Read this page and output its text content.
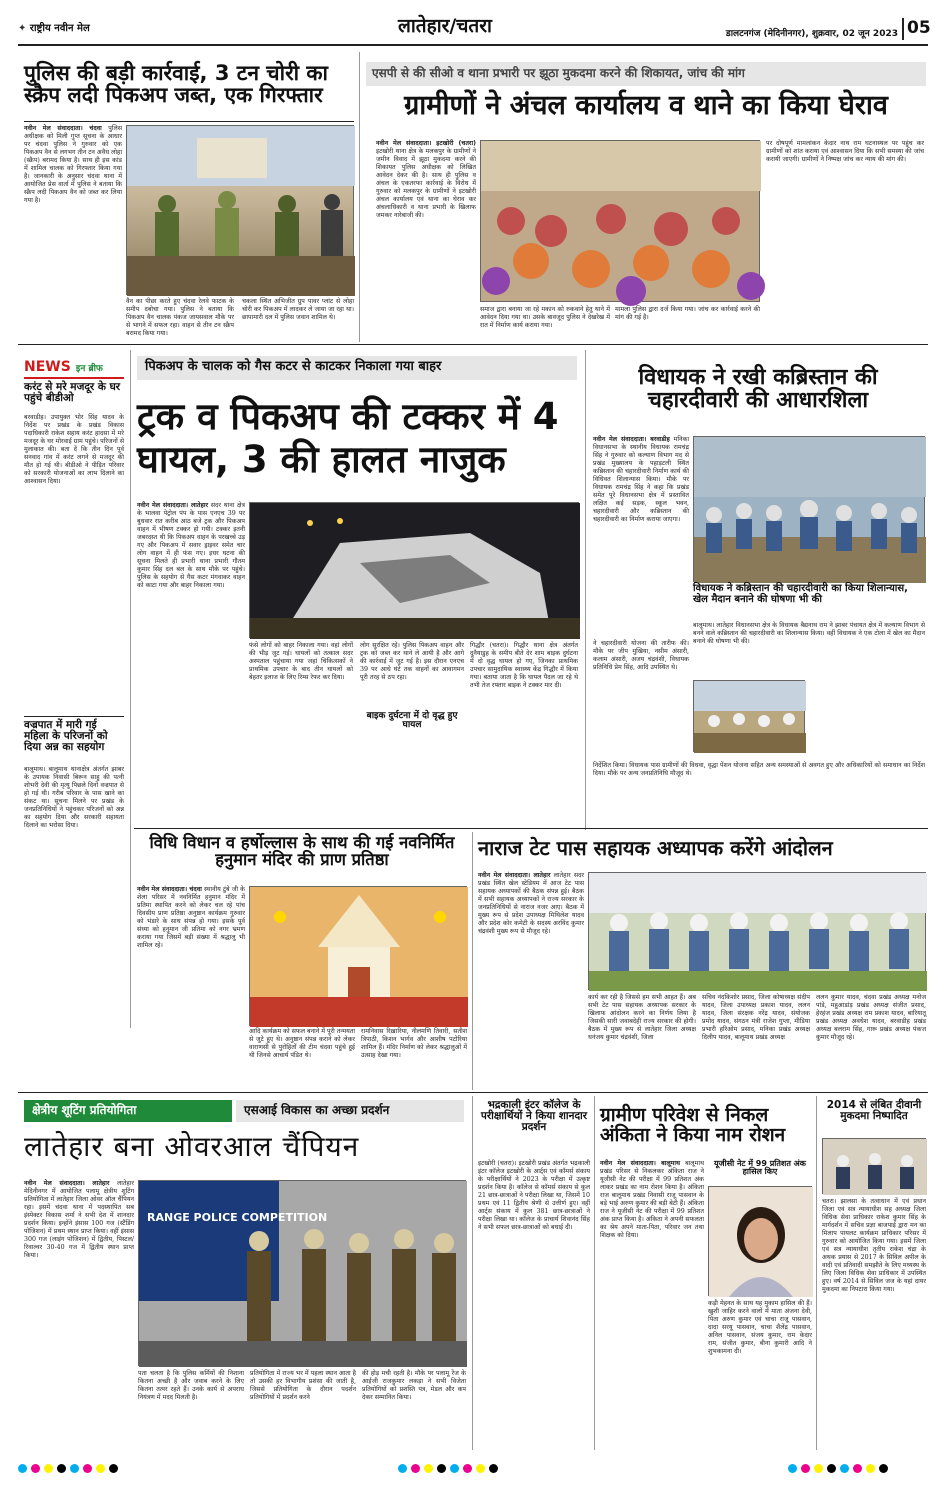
✦ राष्ट्रीय नवीन मेल	लातेहार/चतरा	डालटनगंज (मेदिनीनगर), शुक्रवार, 02 जून 2023 05
पुलिस की बड़ी कार्रवाई, 3 टन चोरी का स्क्रैप लदी पिकअप जब्त, एक गिरफ्तार
नवीन मेल संवाददाता। चंदवा पुलिस अधीक्षक को मिली गुप्त सूचना के आधार पर चंदवा पुलिस ने गुरुवार को एक पिकअप वैन से लगभग तीन टन अवैध लोहा (स्क्रैप) बरामद किया है। साथ ही इस कांड में शामिल चालक को गिरफ्तार किया गया है। जानकारी के अनुसार चंदवा थाना में आयोजित प्रेस वार्ता में पुलिस ने बताया कि स्क्रैप लदी पिकअप वैन को जब्त कर लिया गया है।
वैन का पीछा करते हुए चंदवा रेलवे फाटक के समीप दबोचा गया। पुलिस ने बताया कि पिकअप वैन चालक पंकज जायसवाल मौके पर से भागने में सफल रहा। वाहन से तीन टन स्क्रैप बरामद किया गया।
चकला स्थित अभिजीत ग्रुप पावर प्लांट से लोहा चोरी कर पिकअप में लादकर ले जाया जा रहा था। छापामारी दल में पुलिस जवान शामिल थे।
एसपी से की सीओ व थाना प्रभारी पर झूठा मुकदमा करने की शिकायत, जांच की मांग
ग्रामीणों ने अंचल कार्यालय व थाने का किया घेराव
नवीन मेल संवाददाता। इटखोरी (चतरा) इटखोरी थाना क्षेत्र के मलकपुर के ग्रामीणों ने जमीन विवाद में झूठा मुकदमा करने की शिकायत पुलिस अधीक्षक को लिखित आवेदन देकर की है। साथ ही पुलिस व अंचल के एकतरफा कार्रवाई के विरोध में गुरुवार को मलकपुर के ग्रामीणों ने इटखोरी अंचल कार्यालय एवं थाना का घेराव कर अंचलाधिकारी व थाना प्रभारी के खिलाफ जमकर नारेबाजी की।
समाज द्वारा बनाया जा रहे मकान को रुकवाने हेतु थाने में आवेदन दिया गया था। उसके बावजूद पुलिस ने देखरेख में रात में निर्माण कार्य कराया गया।
मामला पुलिस द्वारा दर्ज किया गया। जांच कर कार्रवाई करने की मांग की गई है।
पर दोषपूर्ण मामलांकन केदार नाथ राम घटनास्थल पर पहुंच कर ग्रामीणों को शांत कराया एवं आश्वासन दिया कि सभी समस्या की जांच करायी जाएगी। ग्रामीणों ने निष्पक्ष जांच कर न्याय की मांग की।
NEWS इन ब्रीफ
करंट से मरे मजदूर के घर पहुंचे बीडीओ
बरवाडीह। उपायुक्त भोर सिंह यादव के निर्देश पर प्रखंड के प्रखंड विकास पदाधिकारी राकेश सहाय करंट हादसा में मरे मजदूर के घर मोरवाई ग्राम पहुंचे। परिजनों से मुलाकात की। बता दें कि तीन दिन पूर्व सनवाद गांव में करंट लगने से मजदूर की मौत हो गई थी। बीडीओ ने पीड़ित परिवार को सरकारी योजनाओं का लाभ दिलाने का आश्वासन दिया।
वज्रपात में मारी गई महिला के परिजनों को दिया अन्न का सहयोग
बालूमाथ। बालूमाथ थानाक्षेत्र अंतर्गत झाबर के उपायक निवासी बिरून साहु की पत्नी शोभरी देवी की मृत्यु पिछले दिनों वज्रपात से हो गई थी। गरीब परिवार के पास खाने का संकट था। सूचना मिलने पर प्रखंड के जनप्रतिनिधियों ने पहुंचकर परिजनों को अन्न का सहयोग दिया और सरकारी सहायता दिलाने का भरोसा दिया।
पिकअप के चालक को गैस कटर से काटकर निकाला गया बाहर
ट्रक व पिकअप की टक्कर में 4 घायल, 3 की हालत नाजुक
नवीन मेल संवाददाता। लातेहार सदर थाना क्षेत्र के भालवा पेट्रोल पंप के पास एनएच 39 पर बुधवार रात करीब आठ बजे ट्रक और पिकअप वाहन में भीषण टक्कर हो गयी। टक्कर इतनी जबरदस्त थी कि पिकअप वाहन के परखच्चे उड़ गए और पिकअप में सवार ड्राइवर समेत चार लोग वाहन में ही फंस गए। इधर घटना की सूचना मिलते ही प्रभारी थाना प्रभारी गौतम कुमार सिंह दल बल के साथ मौके पर पहुंचे। पुलिस के सहयोग से गैस कटर मंगवाकर वाहन को काटा गया और बाहर निकाला गया।
फंसे लोगों को बाहर निकाला गया। वहां लोगों की भीड़ जुट गई। घायलों को तत्काल सदर अस्पताल पहुंचाया गया जहां चिकित्सकों ने प्राथमिक उपचार के बाद तीन घायलों को बेहतर इलाज के लिए रिम्स रेफर कर दिया।
लोग सुरक्षित रहे। पुलिस पिकअप वाहन और ट्रक को जब्त कर थाने ले आयी है और आगे की कार्रवाई में जुट गई है। इस दौरान एनएच 39 पर आधे घंटे तक वाहनों का आवागमन पूरी तरह से ठप रहा।
बाइक दुर्घटना में दो वृद्ध हुए घायल
गिद्धौर (चतरा)। गिद्धौर थाना क्षेत्र अंतर्गत दुनैयाडुह के समीप बीते देर शाम बाइक दुर्घटना में दो वृद्ध घायल हो गए, जिनका प्राथमिक उपचार सामुदायिक स्वास्थ्य केंद्र गिद्धौर में किया गया। बताया जाता है कि घायल पैदल जा रहे थे तभी तेज रफ्तार बाइक ने टक्कर मार दी।
विधायक ने रखी कब्रिस्तान की चहारदीवारी की आधारशिला
नवीन मेल संवाददाता। बरवाडीह मनिका विधानसभा के स्थानीय विधायक रामचंद्र सिंह ने गुरुवार को कल्याण विभाग मद से प्रखंड मुख्यालय के पहाड़टली स्थित कब्रिस्तान की चहारदीवारी निर्माण कार्य की विधिवत शिलान्यास किया। मौके पर विधायक रामचंद्र सिंह ने कहा कि प्रखंड समेत पूरे विधानसभा क्षेत्र में प्रस्तावित लक्षित कई सड़क, स्कूल भवन, चहारदीवारी और कब्रिस्तान की चहारदीवारी का निर्माण कराया जाएगा।
विधायक ने कब्रिस्तान की चहारदीवारी का किया शिलान्यास, खेल मैदान बनाने की घोषणा भी की
ने चहारदीवारी योजना की तारीफ की। मौके पर जीप मुखिया, नसीम अंसारी, कलाम अंसारी, अजय चंद्रवंशी, विधायक प्रतिनिधि प्रेम सिंह, आदि उपस्थित थे।
बालूमाथ। लातेहार विधानसभा क्षेत्र के विधायक बैद्यनाथ राम ने झाबर पंचायत क्षेत्र में कल्याण विभाग से बनने वाले कब्रिस्तान की चहारदीवारी का शिलान्यास किया। वहीं विधायक ने एक टोला में खेल का मैदान बनाने की घोषणा भी की।
निर्देशित किया। विधायक पास ग्रामीणों की विधवा, वृद्धा पेंशन योजना सहित अन्य समस्याओं से अवगत हुए और अधिकारियों को समाधान का निर्देश दिया। मौके पर अन्य जनप्रतिनिधि मौजूद थे।
विधि विधान व हर्षोल्लास के साथ की गई नवनिर्मित हनुमान मंदिर की प्राण प्रतिष्ठा
नवीन मेल संवाददाता। चंदवा स्थानीय टुंबे जी के शेला परिसर में नवनिर्मित हनुमान मंदिर में प्रतिमा स्थापित करने को लेकर चल रहे पांच दिवसीय प्राण प्रतिष्ठा अनुष्ठान कार्यक्रम गुरुवार को भंडारे के साथ संपन्न हो गया। इसके पूर्व संध्या को हनुमान जी प्रतिमा को नगर भ्रमण कराया गया जिसमें बड़ी संख्या में श्रद्धालु भी शामिल रहे।
आदि कार्यक्रम को सफल बनाने में पूरी तन्मयता से जुटे हुए थे। अनुष्ठान संपन्न कराने को लेकर वाराणसी से पुरोहितों की टीम चंदवा पहुंचे हुई थी जिनसे आचार्य पंडित थे।
रामनिवास रिख़ारिया, नीलमणि तिवारी, सतीश त्रिपाठी, किशन भार्गव और आशीष पटोरिया शामिल हैं। मंदिर निर्माण को लेकर श्रद्धालुओं में उत्साह देखा गया।
नाराज टेट पास सहायक अध्यापक करेंगे आंदोलन
नवीन मेल संवाददाता। लातेहार लातेहार सदर प्रखंड स्थित खेल स्टेडियम में आज टेट पास सहायक अध्यापकों की बैठक संपन्न हुई। बैठक में सभी सहायक अध्यापकों ने राज्य सरकार के जनप्रतिनिधियों से नाराज नजर आए। बैठक में मुख्य रूप से प्रदेश उपाध्यक्ष मिथिलेश यादव और प्रदेश कोर कमेटी के सदस्य अरविंद कुमार चंद्रवंशी मुख्य रूप से मौजूद रहे।
कार्य कर रही है जिससे हम सभी आहत हैं। अब सभी टेट पास सहायक अध्यापक सरकार के खिलाफ आंदोलन करने का निर्णय लिया है जिसकी सारी जवाबदेही राज्य सरकार की होगी। बैठक में मुख्य रूप से लातेहार जिला अध्यक्ष धनंजय कुमार चंद्रवंशी, जिला
सचिव नंदकिशोर प्रसाद, जिला कोषाध्यक्ष संदीप यादव, जिला उपाध्यक्ष प्रकाश यादव, ललन यादव, जिला संरक्षक नरेंद्र यादव, संयोजक प्रमोद यादव, संगठन मंत्री राजेश गुप्ता, मीडिया प्रभारी हरिओम प्रसाद, मनिका प्रखंड अध्यक्ष दिलीप यादव, बालूमाथ प्रखंड अध्यक्ष
ललन कुमार यादव, चंदवा प्रखंड अध्यक्ष मनोज पांडे, महुआडांड़ प्रखंड अध्यक्ष संजीत प्रसाद, हेरहंज प्रखंड अध्यक्ष राम प्रकाश यादव, बारियातू प्रखंड अध्यक्ष अवधेश यादव, बरवाडीह प्रखंड अध्यक्ष बलराम सिंह, गारू प्रखंड अध्यक्ष पंकज कुमार मौजूद रहे।
क्षेत्रीय शूटिंग प्रतियोगिता	एसआई विकास का अच्छा प्रदर्शन
लातेहार बना ओवरआल चैंपियन
नवीन मेल संवाददाता। लातेहार लातेहार मेदिनीनगर में आयोजित पलामू क्षेत्रीय शूटिंग प्रतियोगिता में लातेहार जिला ओवर ऑल चैंपियन रहा। इसमें चंदवा थाना में पदस्थापित सब इंस्पेक्टर विकास शर्मा ने सभी देश में शानदार प्रदर्शन किया। इन्होंने इंसास 100 गज (स्टैंडिंग पोजिशन) में प्रथम स्थान प्राप्त किया। वहीं इंसास 300 गज (लाइंग पोजिशन) में द्वितीय, पिस्टल/रिवाल्वर 30-40 गज में द्वितीय स्थान प्राप्त किया।
RANGE POLICE COMPETITION
पता चलता है कि पुलिस कर्मियों की निशाना कितना अच्छी है और जवाब करने के लिए कितना तत्पर रहते हैं। उनके कार्य से अपराध नियंत्रण में मदद मिलती है।
प्रतियोगिता में राज्य भर में पहला स्थान आता है तो उसकी हर विभागीय प्रशंसा की जाती है, जिससे प्रतियोगिता के दौरान पदर्शन प्रतियोगियों में प्रदर्शन करने
की होड़ मची रहती है। मौके पर पलामू रेंज के आईजी राजकुमार लकड़ा ने सभी विजेता प्रतियोगियों को प्रशस्ति पत्र, मेडल और कप देकर सम्मानित किया।
भद्रकाली इंटर कॉलेज के परीक्षार्थियों ने किया शानदार प्रदर्शन
इटखोरी (चतरा)। इटखोरी प्रखंड अंतर्गत भद्रकाली इंटर कॉलेज इटखोरी के आर्ट्स एवं कॉमर्स संकाय के परीक्षार्थियों ने 2023 के परीक्षा में उत्कृष्ट प्रदर्शन किया है। कॉलेज से कॉमर्स संकाय से कुल 21 छात्र-छात्राओं ने परीक्षा लिखा था, जिसमें 10 प्रथम एवं 11 द्वितीय श्रेणी से उत्तीर्ण हुए। वहीं आर्ट्स संकाय में कुल 381 छात्र-छात्राओं ने परीक्षा लिखा था। कॉलेज के प्राचार्य शिवानंद सिंह ने सभी सफल छात्र-छात्राओं को बधाई दी।
ग्रामीण परिवेश से निकल अंकिता ने किया नाम रोशन
नवीन मेल संवाददाता। बालूमाथ बालूमाथ प्रखंड परिसर से निकलकर अंकिता राज ने यूजीसी नेट की परीक्षा में 99 प्रतिशत अंक लाकर प्रखंड का नाम रोशन किया है। अंकिता राज बालूमाथ प्रखंड निवासी राजू पासवान के बड़े भाई अरुण कुमार की बड़ी बेटी हैं। अंकिता राज ने यूजीसी नेट की परीक्षा में 99 प्रतिशत अंक प्राप्त किया है। अंकिता ने अपनी सफलता का श्रेय अपने माता-पिता, परिवार जन तथा शिक्षक को दिया।
यूजीसी नेट में 99 प्रतिशत अंक हासिल किए
कड़ी मेहनत के साथ यह मुकाम हासिल की हैं। खुशी जाहिर करने वालों में माता अंजना देवी, पिता अरुण कुमार एवं चाचा राजू पासवान, दादा सरयू पासवान, चाचा शैलेंद्र पासवान, अनिल पासवान, संजय कुमार, राम केदार राम, संजीत कुमार, बीना कुमारी आदि ने शुभकामना दी।
2014 से लंबित दीवानी मुकदमा निष्पादित
चतरा। झालसा के तत्वाधान में एवं प्रधान जिला एवं सत्र न्यायाधीश सह अध्यक्ष जिला विधिक सेवा प्राधिकार राकेश कुमार सिंह के मार्गदर्शन में सचिव प्रज्ञा बाजपाई द्वारा मन का मिलाप पायलट कार्यक्रम प्राधिकार परिसर में गुरुवार को आयोजित किया गया। इसमें जिला एवं सत्र न्यायाधीश तृतीय राकेश चंद्रा के अथक प्रयास से 2017 के सिविल अपील के वादी एवं प्रतिवादी समझौते के लिए मध्यस्थ के लिए जिला विधिक सेवा प्राधिकार में उपस्थित हुए। वर्ष 2014 से सिविल जज के यहां दायर मुकदमा का निपटारा किया गया।
